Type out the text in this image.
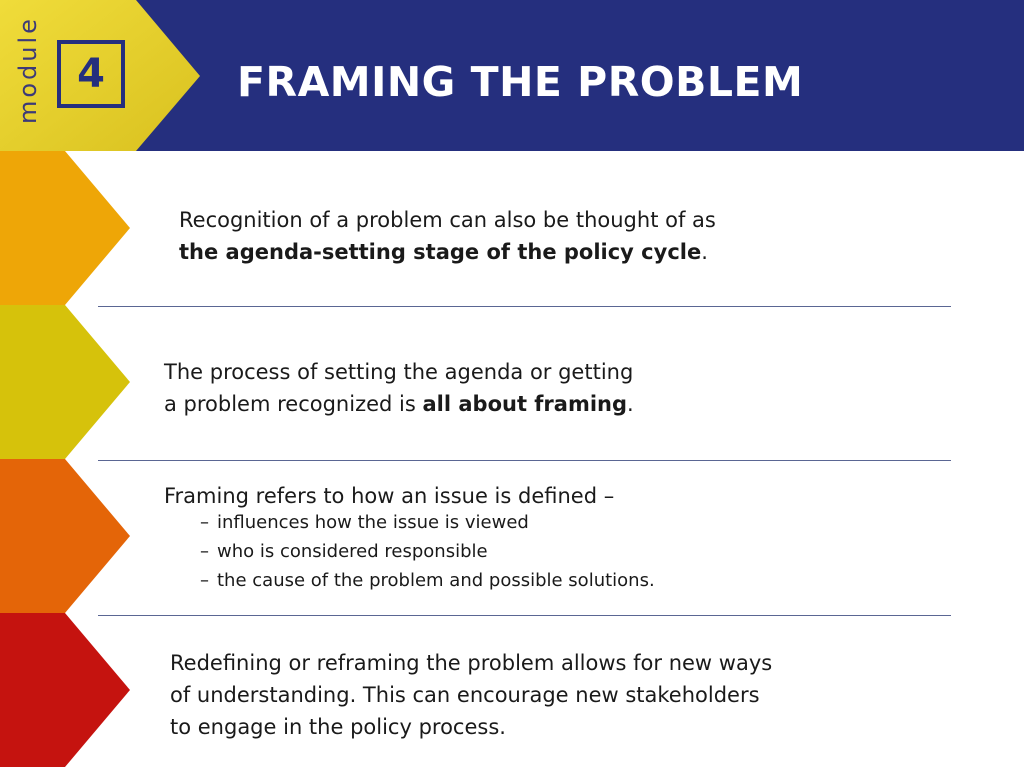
module 4	FRAMING THE PROBLEM
Recognition of a problem can also be thought of as
the agenda-setting stage of the policy cycle.
The process of setting the agenda or getting
a problem recognized is all about framing.
Framing refers to how an issue is defined –
– influences how the issue is viewed
– who is considered responsible
– the cause of the problem and possible solutions.
Redefining or reframing the problem allows for new ways
of understanding. This can encourage new stakeholders
to engage in the policy process.
